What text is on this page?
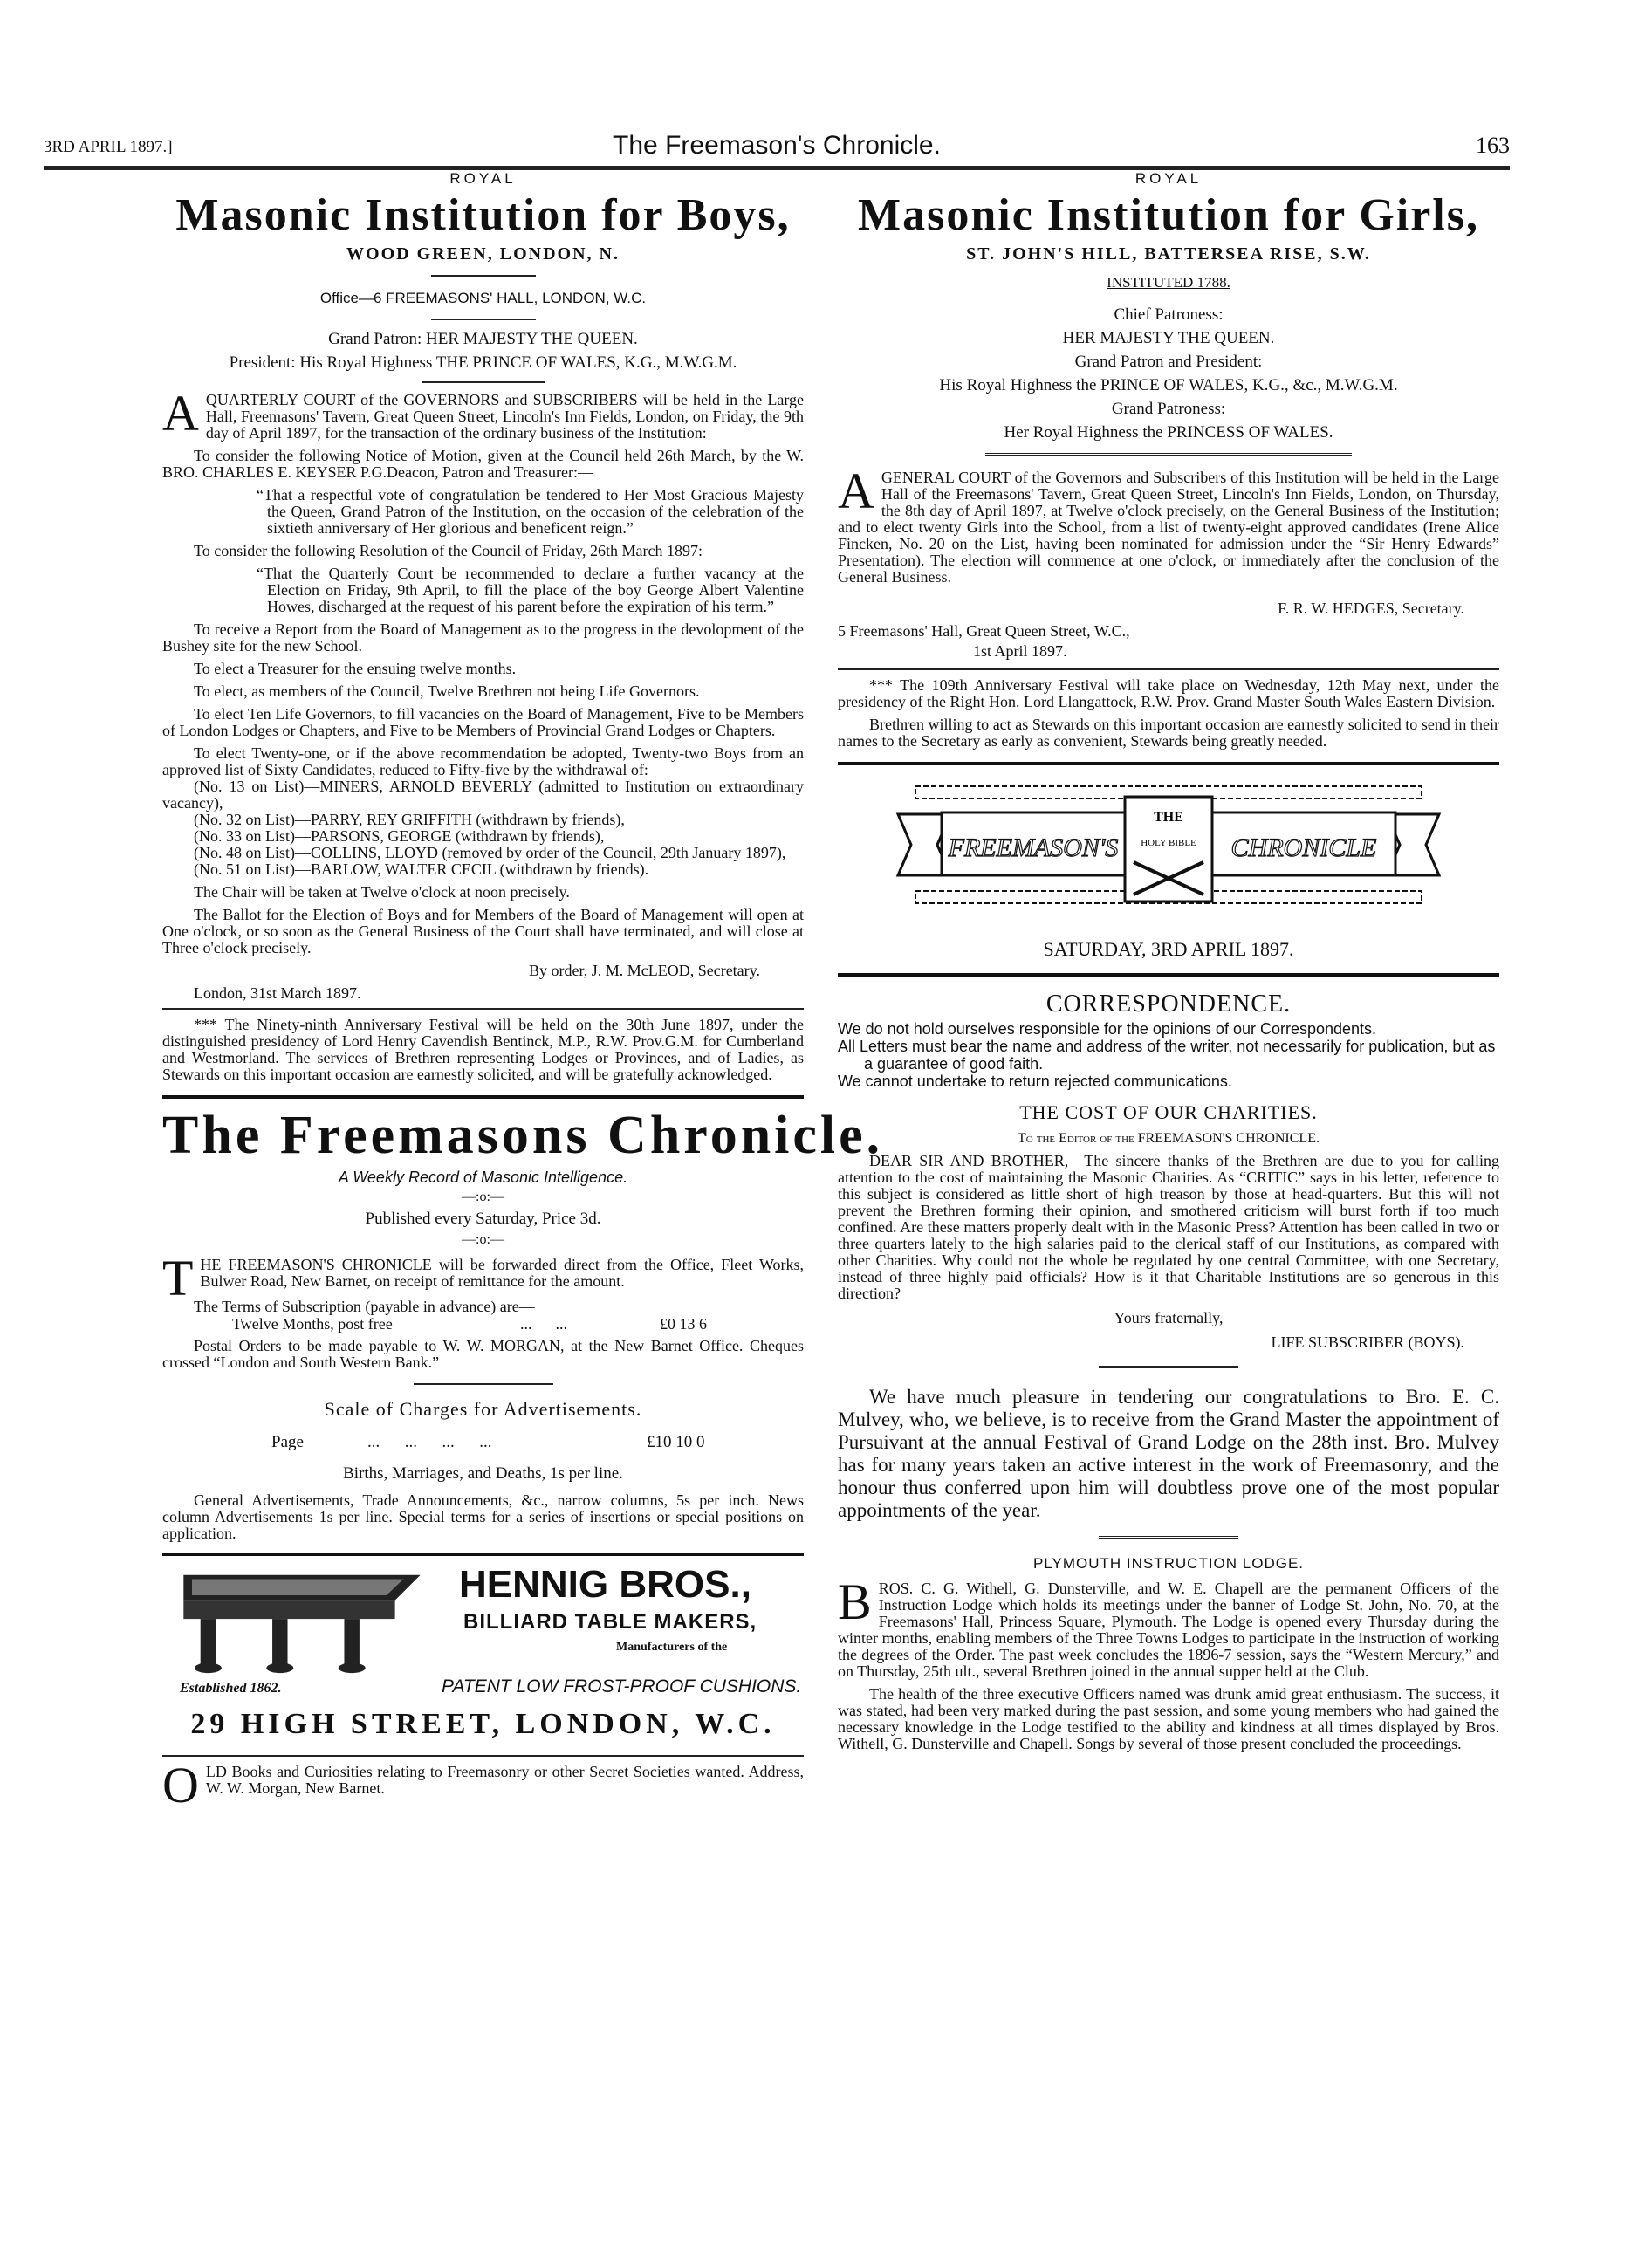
3RD APRIL 1897.]	The Freemason's Chronicle.	163
ROYAL
Masonic Institution for Boys,
WOOD GREEN, LONDON, N.
Office—6 FREEMASONS' HALL, LONDON, W.C.
Grand Patron: HER MAJESTY THE QUEEN.
President: His Royal Highness THE PRINCE OF WALES, K.G., M.W.G.M.

AQUARTERLY COURT of the GOVERNORS and SUBSCRIBERS will be held in the Large Hall, Freemasons' Tavern, Great Queen Street, Lincoln's Inn Fields, London, on Friday, the 9th day of April 1897, for the transaction of the ordinary business of the Institution:

To consider the following Notice of Motion, given at the Council held 26th March, by the W. BRO. CHARLES E. KEYSER P.G.Deacon, Patron and Treasurer:—

“That a respectful vote of congratulation be tendered to Her Most Gracious Majesty the Queen, Grand Patron of the Institution, on the occasion of the celebration of the sixtieth anniversary of Her glorious and beneficent reign.”

To consider the following Resolution of the Council of Friday, 26th March 1897:

“That the Quarterly Court be recommended to declare a further vacancy at the Election on Friday, 9th April, to fill the place of the boy George Albert Valentine Howes, discharged at the request of his parent before the expiration of his term.”

To receive a Report from the Board of Management as to the progress in the devolopment of the Bushey site for the new School.

To elect a Treasurer for the ensuing twelve months.

To elect, as members of the Council, Twelve Brethren not being Life Governors.

To elect Ten Life Governors, to fill vacancies on the Board of Management, Five to be Members of London Lodges or Chapters, and Five to be Members of Provincial Grand Lodges or Chapters.

To elect Twenty-one, or if the above recommendation be adopted, Twenty-two Boys from an approved list of Sixty Candidates, reduced to Fifty-five by the withdrawal of:

(No. 13 on List)—MINERS, ARNOLD BEVERLY (admitted to Institution on extraordinary vacancy),

(No. 32 on List)—PARRY, REY GRIFFITH (withdrawn by friends),

(No. 33 on List)—PARSONS, GEORGE (withdrawn by friends),

(No. 48 on List)—COLLINS, LLOYD (removed by order of the Council, 29th January 1897),

(No. 51 on List)—BARLOW, WALTER CECIL (withdrawn by friends).

The Chair will be taken at Twelve o'clock at noon precisely.

The Ballot for the Election of Boys and for Members of the Board of Management will open at One o'clock, or so soon as the General Business of the Court shall have terminated, and will close at Three o'clock precisely.

By order, J. M. McLEOD, Secretary.

London, 31st March 1897.

*** The Ninety-ninth Anniversary Festival will be held on the 30th June 1897, under the distinguished presidency of Lord Henry Cavendish Bentinck, M.P., R.W. Prov.G.M. for Cumberland and Westmorland. The services of Brethren representing Lodges or Provinces, and of Ladies, as Stewards on this important occasion are earnestly solicited, and will be gratefully acknowledged.

The Freemasons Chronicle.
A Weekly Record of Masonic Intelligence.
—:o:—
Published every Saturday, Price 3d.
—:o:—

THE FREEMASON'S CHRONICLE will be forwarded direct from the Office, Fleet Works, Bulwer Road, New Barnet, on receipt of remittance for the amount.

The Terms of Subscription (payable in advance) are—

Twelve Months, post free	...      ...	£0 13 6

Postal Orders to be made payable to W. W. MORGAN, at the New Barnet Office. Cheques crossed “London and South Western Bank.”

Scale of Charges for Advertisements.
Page	...      ...      ...      ...	£10 10 0
Births, Marriages, and Deaths, 1s per line.

General Advertisements, Trade Announcements, &c., narrow columns, 5s per inch. News column Advertisements 1s per line. Special terms for a series of insertions or special positions on application.

HENNIG BROS.,
BILLIARD TABLE MAKERS,
Manufacturers of the
Established 1862.	PATENT LOW FROST-PROOF CUSHIONS.
29 HIGH STREET, LONDON, W.C.

OLD Books and Curiosities relating to Freemasonry or other Secret Societies wanted. Address, W. W. Morgan, New Barnet.

ROYAL
Masonic Institution for Girls,
ST. JOHN'S HILL, BATTERSEA RISE, S.W.
INSTITUTED 1788.
Chief Patroness:
HER MAJESTY THE QUEEN.
Grand Patron and President:
His Royal Highness the PRINCE OF WALES, K.G., &c., M.W.G.M.
Grand Patroness:
Her Royal Highness the PRINCESS OF WALES.

AGENERAL COURT of the Governors and Subscribers of this Institution will be held in the Large Hall of the Freemasons' Tavern, Great Queen Street, Lincoln's Inn Fields, London, on Thursday, the 8th day of April 1897, at Twelve o'clock precisely, on the General Business of the Institution; and to elect twenty Girls into the School, from a list of twenty-eight approved candidates (Irene Alice Fincken, No. 20 on the List, having been nominated for admission under the “Sir Henry Edwards” Presentation). The election will commence at one o'clock, or immediately after the conclusion of the General Business.

F. R. W. HEDGES, Secretary.

5 Freemasons' Hall, Great Queen Street, W.C.,

1st April 1897.

*** The 109th Anniversary Festival will take place on Wednesday, 12th May next, under the presidency of the Right Hon. Lord Llangattock, R.W. Prov. Grand Master South Wales Eastern Division.

Brethren willing to act as Stewards on this important occasion are earnestly solicited to send in their names to the Secretary as early as convenient, Stewards being greatly needed.

THE
HOLY BIBLE
FREEMASON'S	CHRONICLE
SATURDAY, 3RD APRIL 1897.
CORRESPONDENCE.
We do not hold ourselves responsible for the opinions of our Correspondents.
All Letters must bear the name and address of the writer, not necessarily for publication, but as a guarantee of good faith.
We cannot undertake to return rejected communications.
THE COST OF OUR CHARITIES.
To the Editor of the FREEMASON'S CHRONICLE.

DEAR SIR AND BROTHER,—The sincere thanks of the Brethren are due to you for calling attention to the cost of maintaining the Masonic Charities. As “CRITIC” says in his letter, reference to this subject is considered as little short of high treason by those at head-quarters. But this will not prevent the Brethren forming their opinion, and smothered criticism will burst forth if too much confined. Are these matters properly dealt with in the Masonic Press? Attention has been called in two or three quarters lately to the high salaries paid to the clerical staff of our Institutions, as compared with other Charities. Why could not the whole be regulated by one central Committee, with one Secretary, instead of three highly paid officials? How is it that Charitable Institutions are so generous in this direction?

Yours fraternally,
LIFE SUBSCRIBER (BOYS).

We have much pleasure in tendering our congratulations to Bro. E. C. Mulvey, who, we believe, is to receive from the Grand Master the appointment of Pursuivant at the annual Festival of Grand Lodge on the 28th inst. Bro. Mulvey has for many years taken an active interest in the work of Freemasonry, and the honour thus conferred upon him will doubtless prove one of the most popular appointments of the year.

PLYMOUTH INSTRUCTION LODGE.

BROS. C. G. Withell, G. Dunsterville, and W. E. Chapell are the permanent Officers of the Instruction Lodge which holds its meetings under the banner of Lodge St. John, No. 70, at the Freemasons' Hall, Princess Square, Plymouth. The Lodge is opened every Thursday during the winter months, enabling members of the Three Towns Lodges to participate in the instruction of working the degrees of the Order. The past week concludes the 1896-7 session, says the “Western Mercury,” and on Thursday, 25th ult., several Brethren joined in the annual supper held at the Club.

The health of the three executive Officers named was drunk amid great enthusiasm. The success, it was stated, had been very marked during the past session, and some young members who had gained the necessary knowledge in the Lodge testified to the ability and kindness at all times displayed by Bros. Withell, G. Dunsterville and Chapell. Songs by several of those present concluded the proceedings.
